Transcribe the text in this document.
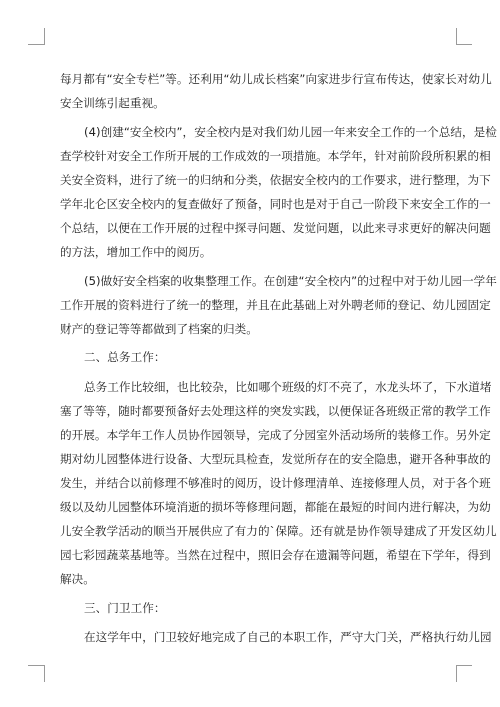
每月都有“安全专栏”等。还利用“幼儿成长档案”向家进步行宣布传达，使家长对幼儿
安全训练引起重视。
(4)创建“安全校内”，安全校内是对我们幼儿园一年来安全工作的一个总结，是检
查学校针对安全工作所开展的工作成效的一项措施。本学年，针对前阶段所积累的相
关安全资料，进行了统一的归纳和分类，依据安全校内的工作要求，进行整理，为下
学年北仑区安全校内的复查做好了预备，同时也是对于自己一阶段下来安全工作的一
个总结，以便在工作开展的过程中探寻问题、发觉问题，以此来寻求更好的解决问题
的方法，增加工作中的阅历。
(5)做好安全档案的收集整理工作。在创建“安全校内”的过程中对于幼儿园一学年
工作开展的资料进行了统一的整理，并且在此基础上对外聘老师的登记、幼儿园固定
财产的登记等等都做到了档案的归类。
二、总务工作：
总务工作比较细，也比较杂，比如哪个班级的灯不亮了，水龙头坏了，下水道堵
塞了等等，随时都要预备好去处理这样的突发实践，以便保证各班级正常的教学工作
的开展。本学年工作人员协作园领导，完成了分园室外活动场所的装修工作。另外定
期对幼儿园整体进行设备、大型玩具检查，发觉所存在的安全隐患，避开各种事故的
发生，并结合以前修理不够准时的阅历，设计修理清单、连接修理人员，对于各个班
级以及幼儿园整体环境消逝的损坏等修理问题，都能在最短的时间内进行解决，为幼
儿安全教学活动的顺当开展供应了有力的`保障。还有就是协作领导建成了开发区幼儿
园七彩园蔬菜基地等。当然在过程中，照旧会存在遗漏等问题，希望在下学年，得到
解决。
三、门卫工作：
在这学年中，门卫较好地完成了自己的本职工作，严守大门关，严格执行幼儿园
